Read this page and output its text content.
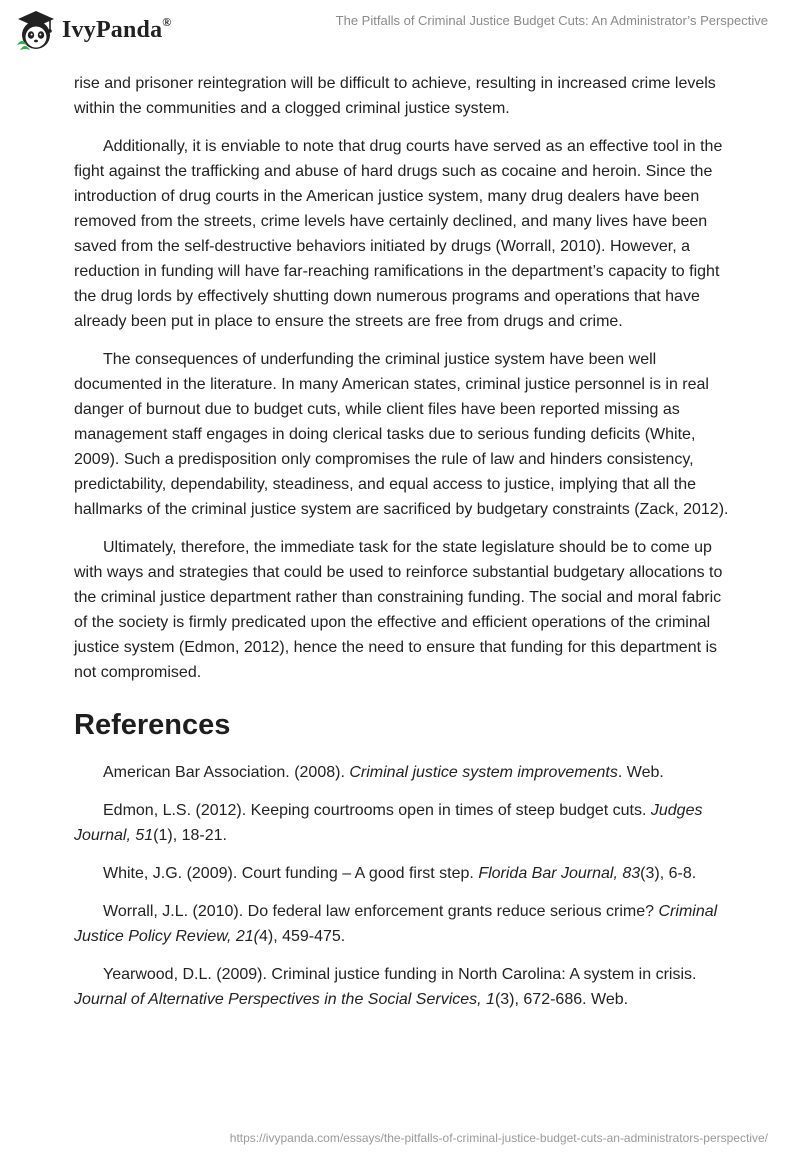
IvyPanda®	The Pitfalls of Criminal Justice Budget Cuts: An Administrator’s Perspective

rise and prisoner reintegration will be difficult to achieve, resulting in increased crime levels within the communities and a clogged criminal justice system.

Additionally, it is enviable to note that drug courts have served as an effective tool in the fight against the trafficking and abuse of hard drugs such as cocaine and heroin. Since the introduction of drug courts in the American justice system, many drug dealers have been removed from the streets, crime levels have certainly declined, and many lives have been saved from the self-destructive behaviors initiated by drugs (Worrall, 2010). However, a reduction in funding will have far-reaching ramifications in the department’s capacity to fight the drug lords by effectively shutting down numerous programs and operations that have already been put in place to ensure the streets are free from drugs and crime.

The consequences of underfunding the criminal justice system have been well documented in the literature. In many American states, criminal justice personnel is in real danger of burnout due to budget cuts, while client files have been reported missing as management staff engages in doing clerical tasks due to serious funding deficits (White, 2009). Such a predisposition only compromises the rule of law and hinders consistency, predictability, dependability, steadiness, and equal access to justice, implying that all the hallmarks of the criminal justice system are sacrificed by budgetary constraints (Zack, 2012).

Ultimately, therefore, the immediate task for the state legislature should be to come up with ways and strategies that could be used to reinforce substantial budgetary allocations to the criminal justice department rather than constraining funding. The social and moral fabric of the society is firmly predicated upon the effective and efficient operations of the criminal justice system (Edmon, 2012), hence the need to ensure that funding for this department is not compromised.

References
American Bar Association. (2008). Criminal justice system improvements. Web.
Edmon, L.S. (2012). Keeping courtrooms open in times of steep budget cuts. Judges Journal, 51(1), 18-21.
White, J.G. (2009). Court funding – A good first step. Florida Bar Journal, 83(3), 6-8.
Worrall, J.L. (2010). Do federal law enforcement grants reduce serious crime? Criminal Justice Policy Review, 21(4), 459-475.
Yearwood, D.L. (2009). Criminal justice funding in North Carolina: A system in crisis. Journal of Alternative Perspectives in the Social Services, 1(3), 672-686. Web.
https://ivypanda.com/essays/the-pitfalls-of-criminal-justice-budget-cuts-an-administrators-perspective/
